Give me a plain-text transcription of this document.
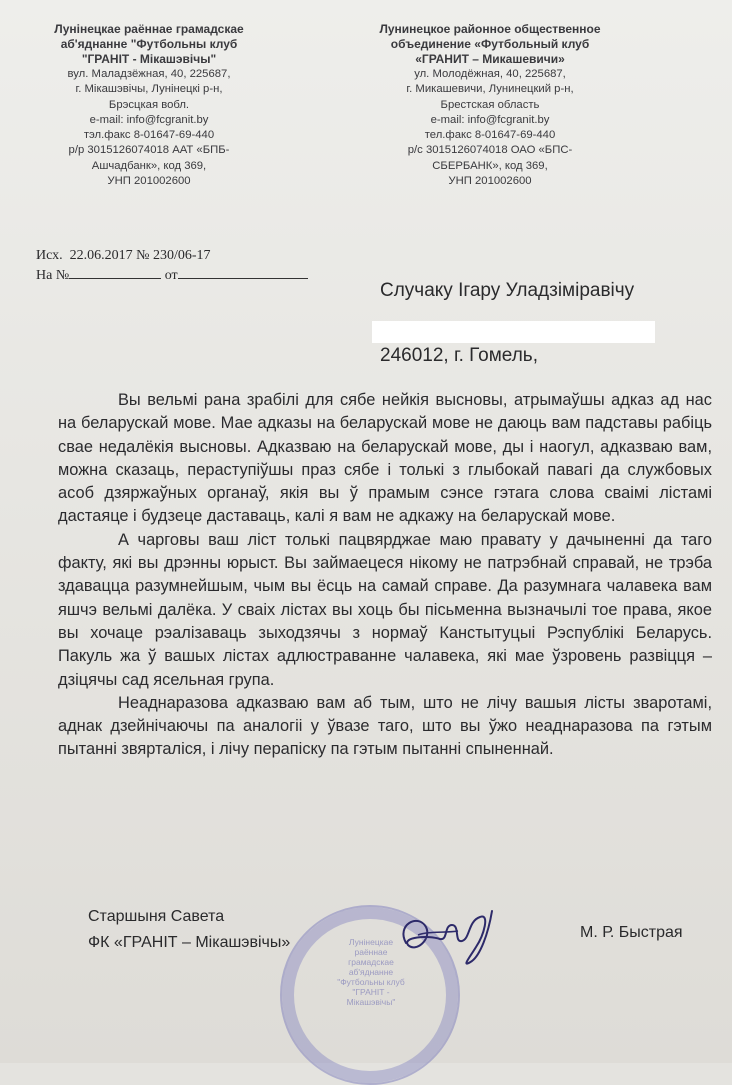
Лунінецкае раённае грамадскае
аб'яднанне "Футбольны клуб
"ГРАНІТ - Мікашэвічы"
вул. Маладзёжная, 40, 225687,
г. Мікашэвічы, Лунінецкі р-н,
Брэсцкая вобл.
e-mail: info@fcgranit.by
тэл.факс 8-01647-69-440
р/р 3015126074018 ААТ «БПБ-
Ашчадбанк», код 369,
УНП 201002600
Лунинецкое районное общественное
объединение «Футбольный клуб
«ГРАНИТ – Микашевичи»
ул. Молодёжная, 40, 225687,
г. Микашевичи, Лунинецкий р-н,
Брестская область
e-mail: info@fcgranit.by
тел.факс 8-01647-69-440
р/с 3015126074018 ОАО «БПС-
СБЕРБАНК», код 369,
УНП 201002600
Исх. 22.06.2017 № 230/06-17
На №	от
Случаку Ігару Уладзіміравічу
246012, г. Гомель,

Вы вельмі рана зрабілі для сябе нейкія высновы, атрымаўшы адказ ад нас на беларускай мове. Мае адказы на беларускай мове не даюць вам падставы рабіць свае недалёкія высновы. Адказваю на беларускай мове, ды і наогул, адказваю вам, можна сказаць, пераступіўшы праз сябе і толькі з глыбокай павагі да службовых асоб дзяржаўных органаў, якія вы ў прамым сэнсе гэтага слова сваімі лістамі дастаяце і будзеце даставаць, калі я вам не адкажу на беларускай мове.

А чарговы ваш ліст толькі пацвярджае маю правату у дачыненні да таго факту, які вы дрэнны юрыст. Вы займаецеся нікому не патрэбнай справай, не трэба здавацца разумнейшым, чым вы ёсць на самай справе. Да разумнага чалавека вам яшчэ вельмі далёка. У сваіх лістах вы хоць бы пісьменна вызначылі тое права, якое вы хочаце рэалізаваць зыходзячы з нормаў Канстытуцыі Рэспублікі Беларусь. Пакуль жа ў вашых лістах адлюстраванне чалавека, які мае ўзровень развіцця – дзіцячы сад ясельная група.

Неаднаразова адказваю вам аб тым, што не лічу вашыя лісты зваротамі, аднак дзейнічаючы па аналогіі у ўвазе таго, што вы ўжо неаднаразова па гэтым пытанні звярталіся, і лічу перапіску па гэтым пытанні спыненнай.

Лунінецкае
раённае
грамадскае
аб'яднанне
"Футбольны клуб
"ГРАНІТ -
Мікашэвічы"
Старшыня Савета
ФК «ГРАНІТ – Мікашэвічы»
М. Р. Быстрая
